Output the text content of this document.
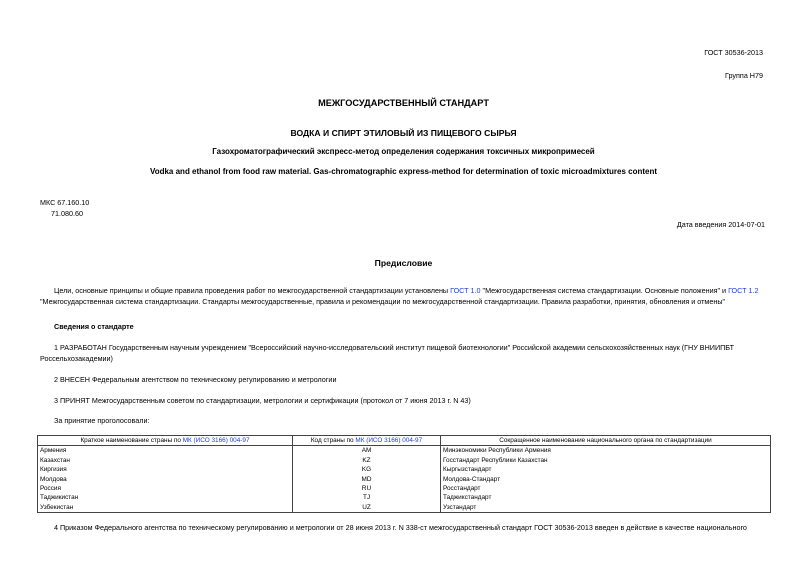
ГОСТ 30536-2013
Группа Н79
МЕЖГОСУДАРСТВЕННЫЙ СТАНДАРТ
ВОДКА И СПИРТ ЭТИЛОВЫЙ ИЗ ПИЩЕВОГО СЫРЬЯ
Газохроматографический экспресс-метод определения содержания токсичных микропримесей
Vodka and ethanol from food raw material. Gas-chromatographic express-method for determination of toxic microadmixtures content
МКС 67.160.10
71.080.60
Дата введения 2014-07-01
Предисловие
Цели, основные принципы и общие правила проведения работ по межгосударственной стандартизации установлены ГОСТ 1.0 "Межгосударственная система стандартизации. Основные положения" и ГОСТ 1.2
"Межгосударственная система стандартизации. Стандарты межгосударственные, правила и рекомендации по межгосударственной стандартизации. Правила разработки, принятия, обновления и отмены"
Сведения о стандарте
1 РАЗРАБОТАН Государственным научным учреждением "Всероссийский научно-исследовательский институт пищевой биотехнологии" Российской академии сельскохозяйственных наук (ГНУ ВНИИПБТ
Россельхозакадемии)
2 ВНЕСЕН Федеральным агентством по техническому регулированию и метрологии
3 ПРИНЯТ Межгосударственным советом по стандартизации, метрологии и сертификации (протокол от 7 июня 2013 г. N 43)
За принятие проголосовали:
Краткое наименование страны по МК (ИСО 3166) 004-97	Код страны по МК (ИСО 3166) 004-97	Сокращенное наименование национального органа по стандартизации
Армения	AM	Минэкономики Республики Армения
Казахстан	KZ	Госстандарт Республики Казахстан
Киргизия	KG	Кыргызстандарт
Молдова	MD	Молдова-Стандарт
Россия	RU	Росстандарт
Таджикистан	TJ	Таджикстандарт
Узбекистан	UZ	Узстандарт
4 Приказом Федерального агентства по техническому регулированию и метрологии от 28 июня 2013 г. N 338-ст межгосударственный стандарт ГОСТ 30536-2013 введен в действие в качестве национального
